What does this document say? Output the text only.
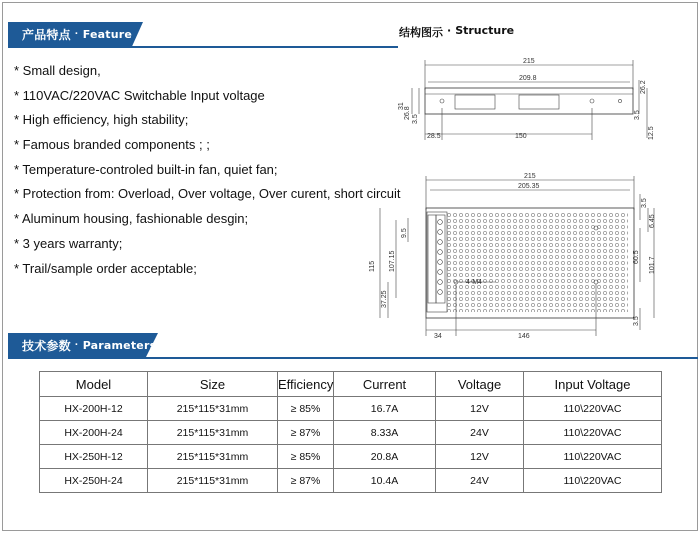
产品特点 · Feature
* Small design,
* 110VAC/220VAC Switchable Input voltage
* High efficiency, high stability;
* Famous branded components ; ;
* Temperature-controled built-in fan, quiet fan;
* Protection from: Overload, Over voltage, Over curent, short circuit
* Aluminum housing, fashionable desgin;
* 3 years warranty;
* Trail/sample order acceptable;
结构图示 · Structure
215
209.8
28.5	150
31
26.8 3.5
26.2
3.5
12.5
215
205.35
34	146
4-M4
115
9.5
107.15
37.25
3.5
6.45
60.5 101.7
3.5
技术参数 · Parameters
Model	Size	Efficiency	Current	Voltage	Input Voltage
HX-200H-12	215*115*31mm	≥ 85%	16.7A	12V	110\220VAC
HX-200H-24	215*115*31mm	≥ 87%	8.33A	24V	110\220VAC
HX-250H-12	215*115*31mm	≥ 85%	20.8A	12V	110\220VAC
HX-250H-24	215*115*31mm	≥ 87%	10.4A	24V	110\220VAC
